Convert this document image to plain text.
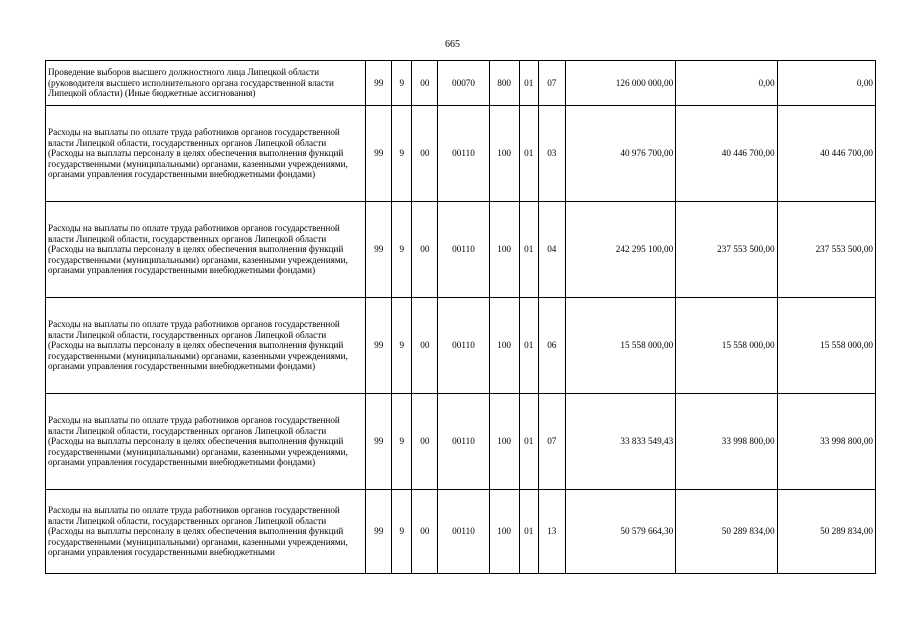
665
Проведение выборов высшего должностного лица Липецкой области (руководителя высшего исполнительного органа государственной власти Липецкой области) (Иные бюджетные ассигнования)	99	9	00	00070	800	01	07	126 000 000,00	0,00	0,00
Расходы на выплаты по оплате труда работников органов государственной власти Липецкой области, государственных органов Липецкой области (Расходы на выплаты персоналу в целях обеспечения выполнения функций государственными (муниципальными) органами, казенными учреждениями, органами управления государственными внебюджетными фондами)	99	9	00	00110	100	01	03	40 976 700,00	40 446 700,00	40 446 700,00
Расходы на выплаты по оплате труда работников органов государственной власти Липецкой области, государственных органов Липецкой области (Расходы на выплаты персоналу в целях обеспечения выполнения функций государственными (муниципальными) органами, казенными учреждениями, органами управления государственными внебюджетными фондами)	99	9	00	00110	100	01	04	242 295 100,00	237 553 500,00	237 553 500,00
Расходы на выплаты по оплате труда работников органов государственной власти Липецкой области, государственных органов Липецкой области (Расходы на выплаты персоналу в целях обеспечения выполнения функций государственными (муниципальными) органами, казенными учреждениями, органами управления государственными внебюджетными фондами)	99	9	00	00110	100	01	06	15 558 000,00	15 558 000,00	15 558 000,00
Расходы на выплаты по оплате труда работников органов государственной власти Липецкой области, государственных органов Липецкой области (Расходы на выплаты персоналу в целях обеспечения выполнения функций государственными (муниципальными) органами, казенными учреждениями, органами управления государственными внебюджетными фондами)	99	9	00	00110	100	01	07	33 833 549,43	33 998 800,00	33 998 800,00
Расходы на выплаты по оплате труда работников органов государственной власти Липецкой области, государственных органов Липецкой области (Расходы на выплаты персоналу в целях обеспечения выполнения функций государственными (муниципальными) органами, казенными учреждениями, органами управления государственными внебюджетными	99	9	00	00110	100	01	13	50 579 664,30	50 289 834,00	50 289 834,00
